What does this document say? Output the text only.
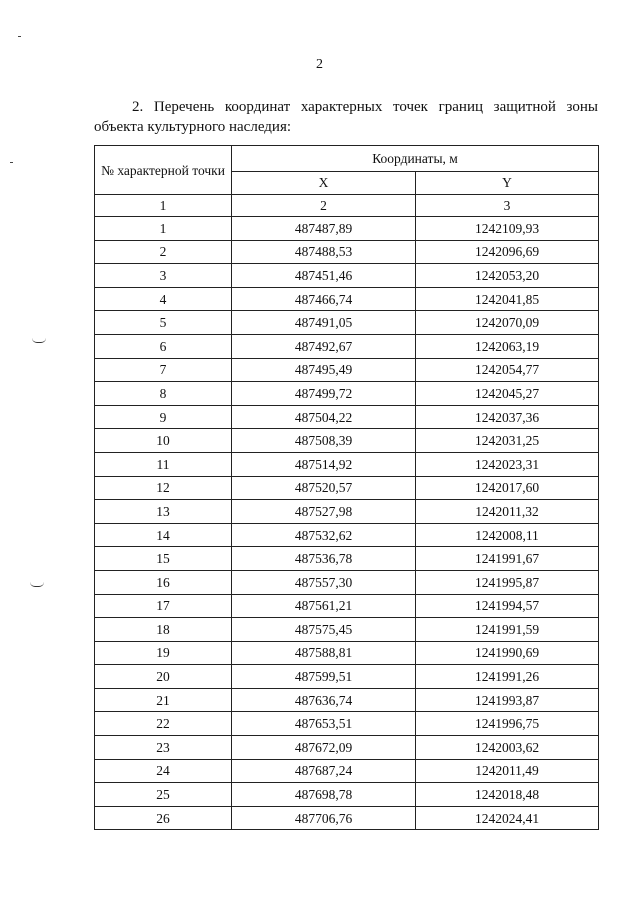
2
2. Перечень координат характерных точек границ защитной зоны
объекта культурного наследия:
№ характерной точки	Координаты, м	
	X	Y
1	2	3
1	487487,89	1242109,93
2	487488,53	1242096,69
3	487451,46	1242053,20
4	487466,74	1242041,85
5	487491,05	1242070,09
6	487492,67	1242063,19
7	487495,49	1242054,77
8	487499,72	1242045,27
9	487504,22	1242037,36
10	487508,39	1242031,25
11	487514,92	1242023,31
12	487520,57	1242017,60
13	487527,98	1242011,32
14	487532,62	1242008,11
15	487536,78	1241991,67
16	487557,30	1241995,87
17	487561,21	1241994,57
18	487575,45	1241991,59
19	487588,81	1241990,69
20	487599,51	1241991,26
21	487636,74	1241993,87
22	487653,51	1241996,75
23	487672,09	1242003,62
24	487687,24	1242011,49
25	487698,78	1242018,48
26	487706,76	1242024,41
